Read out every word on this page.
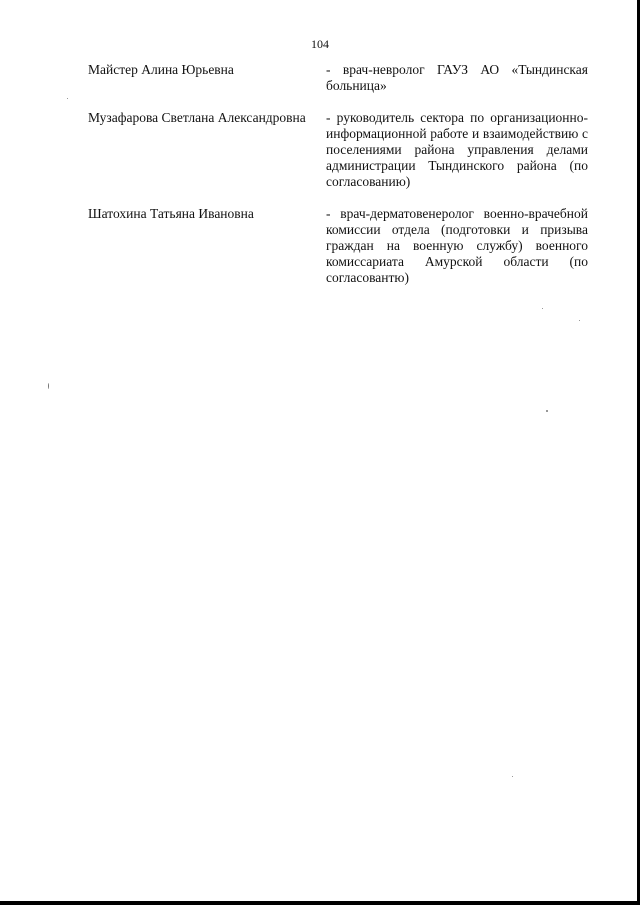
104
Майстер Алина Юрьевна	- врач-невролог ГАУЗ АО «Тындинская больница»
Музафарова Светлана Александровна	- руководитель сектора по организационно-информационной работе и взаимодействию с поселениями района управления делами администрации Тындинского района (по согласованию)
Шатохина Татьяна Ивановна	- врач-дерматовенеролог военно-врачебной комиссии отдела (подготовки и призыва граждан на военную службу) военного комиссариата Амурской области (по согласовантю)
